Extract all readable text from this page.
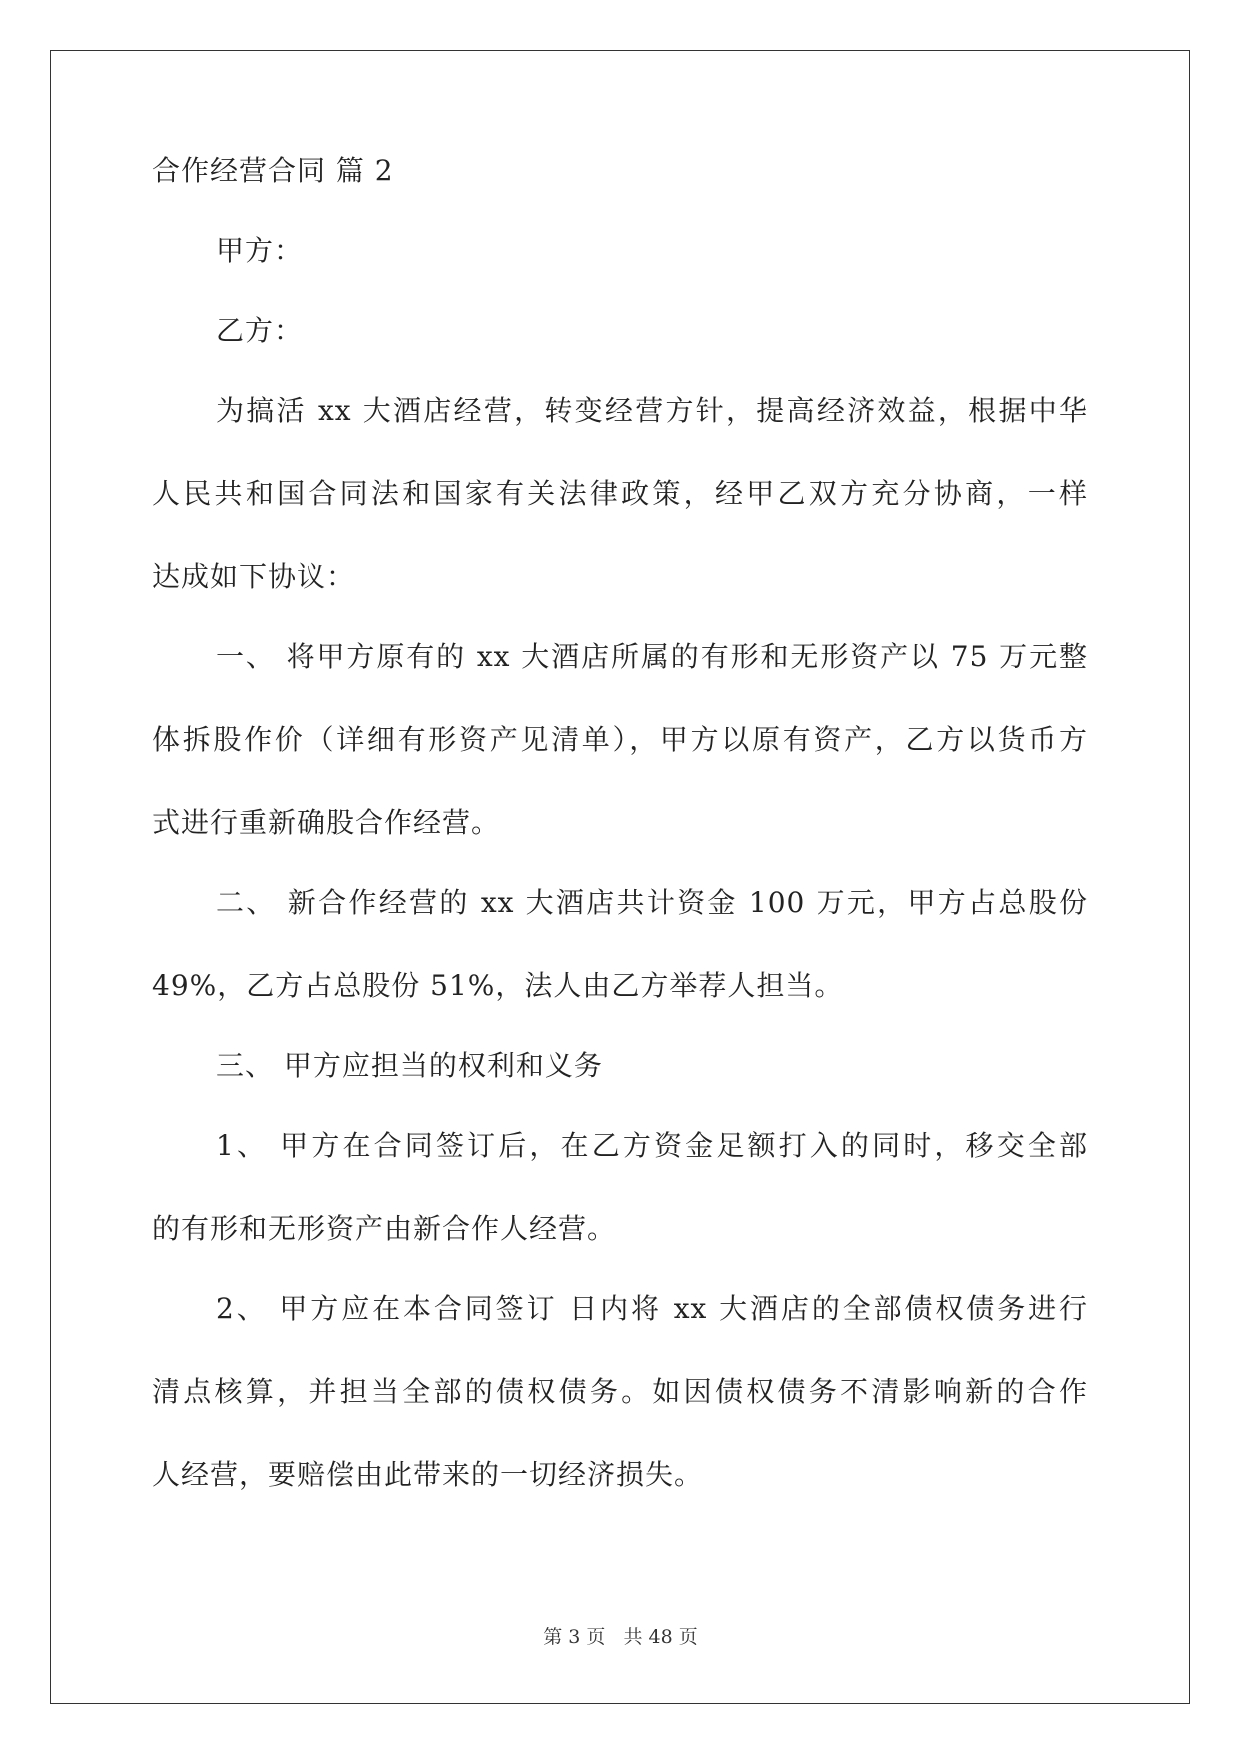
合作经营合同 篇 2

甲方：

乙方：

为搞活 xx 大酒店经营，转变经营方针，提高经济效益，根据中华

人民共和国合同法和国家有关法律政策，经甲乙双方充分协商，一样

达成如下协议：

一、 将甲方原有的 xx 大酒店所属的有形和无形资产以 75 万元整

体拆股作价（详细有形资产见清单），甲方以原有资产，乙方以货币方

式进行重新确股合作经营。

二、 新合作经营的 xx 大酒店共计资金 100 万元，甲方占总股份

49%，乙方占总股份 51%，法人由乙方举荐人担当。

三、 甲方应担当的权利和义务

1、 甲方在合同签订后，在乙方资金足额打入的同时，移交全部

的有形和无形资产由新合作人经营。

2、 甲方应在本合同签订 日内将 xx 大酒店的全部债权债务进行

清点核算，并担当全部的债权债务。如因债权债务不清影响新的合作

人经营，要赔偿由此带来的一切经济损失。

第 3 页 共 48 页
